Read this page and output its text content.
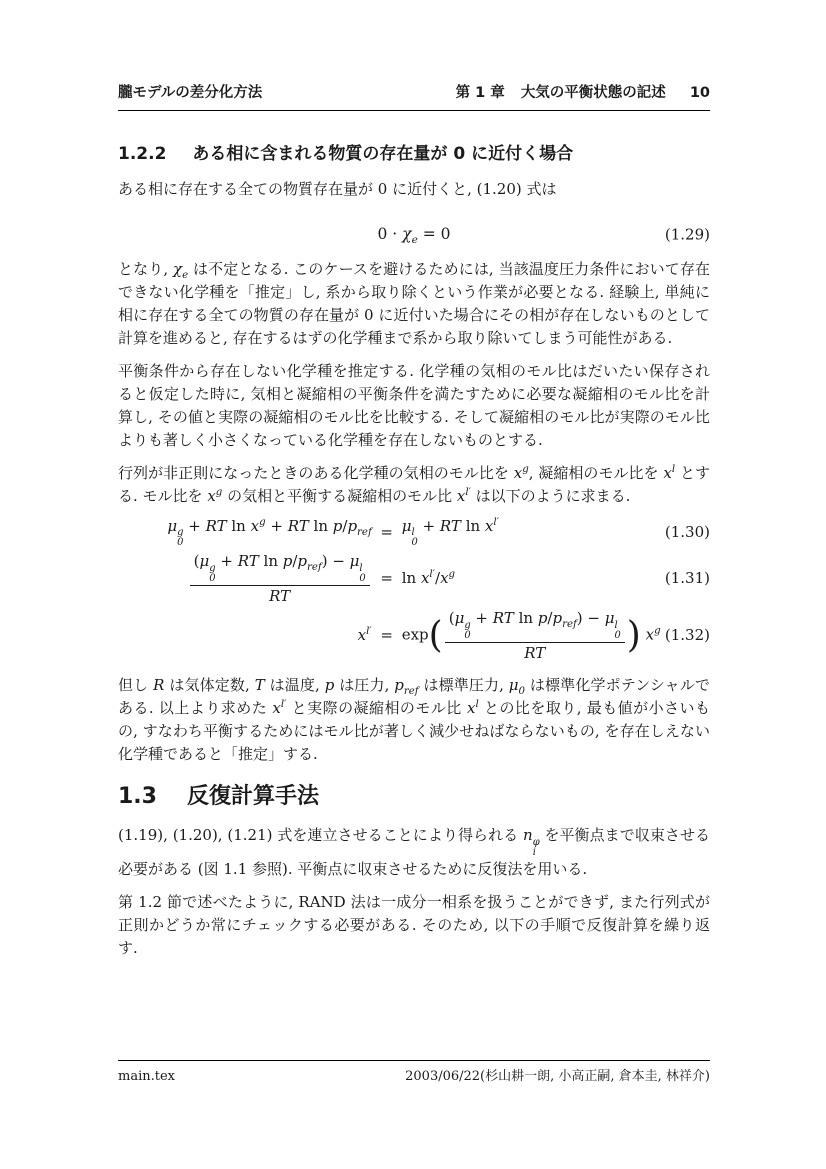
朧モデルの差分化方法	第 1 章 大気の平衡状態の記述 10
1.2.2 ある相に含まれる物質の存在量が 0 に近付く場合

ある相に存在する全ての物質存在量が 0 に近付くと, (1.20) 式は

$0 \cdot \chi_e = 0$	(1.29)

となり, $\chi_e$ は不定となる. このケースを避けるためには, 当該温度圧力条件において存在できない化学種を「推定」し, 系から取り除くという作業が必要となる. 経験上, 単純に相に存在する全ての物質の存在量が 0 に近付いた場合にその相が存在しないものとして計算を進めると, 存在するはずの化学種まで系から取り除いてしまう可能性がある.

平衡条件から存在しない化学種を推定する. 化学種の気相のモル比はだいたい保存されると仮定した時に, 気相と凝縮相の平衡条件を満たすために必要な凝縮相のモル比を計算し, その値と実際の凝縮相のモル比を比較する. そして凝縮相のモル比が実際のモル比よりも著しく小さくなっている化学種を存在しないものとする.

行列が非正則になったときのある化学種の気相のモル比を $x^g$, 凝縮相のモル比を $x^l$ とする. モル比を $x^g$ の気相と平衡する凝縮相のモル比 $x^{l'}$ は以下のように求まる.

μ g
0
+ RT $\ln x^g$ + RT $\ln p/p_{ref} = \mu$ l
0
+ RT $\ln x^{l'}$
(1.30)
(μ g
0
+ RT $\ln p/p_{ref}) - \mu$ l
0
RT = $\ln x^{l'}/x^g$	(1.31)
$x^{l'} = \exp$ ( (μ g
0
+ RT $\ln p/p_{ref}) - \mu$ l
0
RT ) $x^g$ (1.32)

但し R は気体定数, T は温度, p は圧力, $p_{ref}$ は標準圧力, $\mu_0$ は標準化学ポテンシャルである. 以上より求めた $x^{l'}$ と実際の凝縮相のモル比 $x^l$ との比を取り, 最も値が小さいもの, すなわち平衡するためにはモル比が著しく減少せねばならないもの, を存在しえない化学種であると「推定」する.

1.3 反復計算手法

(1.19), (1.20), (1.21) 式を連立させることにより得られる n φ
i
を平衡点まで収束させる必要がある (図 1.1 参照). 平衡点に収束させるために反復法を用いる.

第 1.2 節で述べたように, RAND 法は一成分一相系を扱うことができず, また行列式が正則かどうか常にチェックする必要がある. そのため, 以下の手順で反復計算を繰り返す.

main.tex	2003/06/22(杉山耕一朗, 小高正嗣, 倉本圭, 林祥介)
